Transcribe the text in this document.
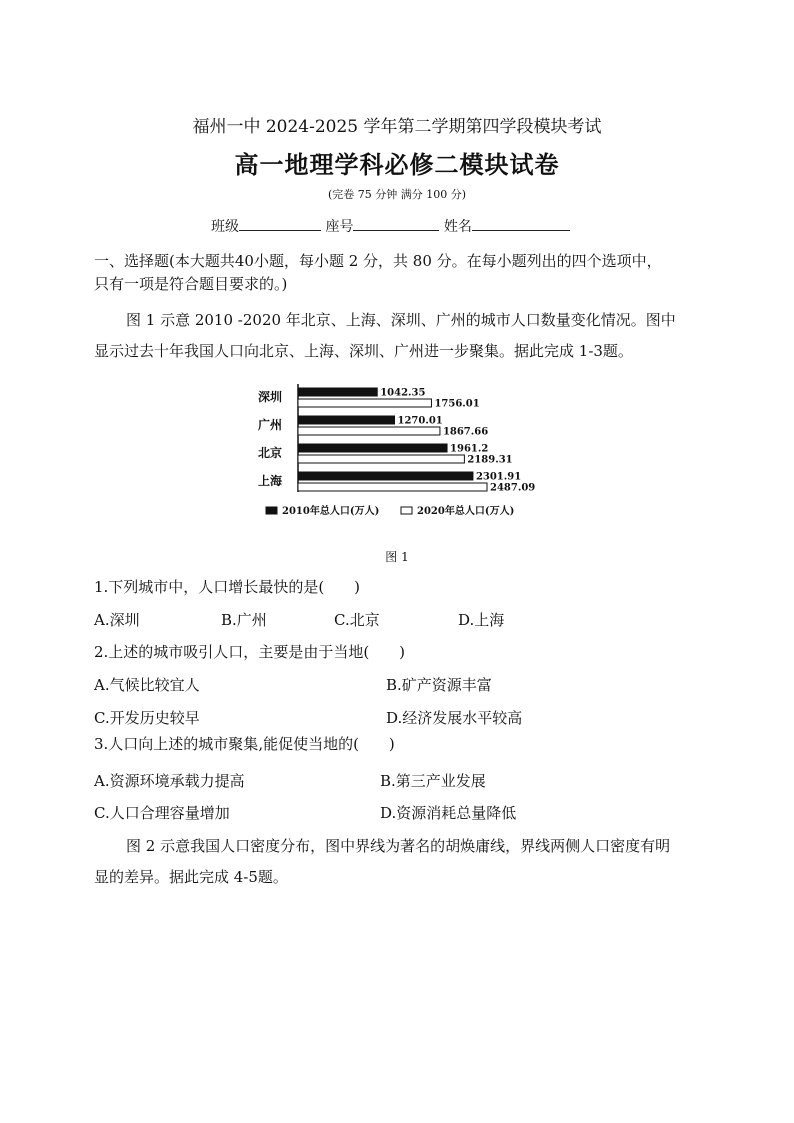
福州一中 2024-2025 学年第二学期第四学段模块考试
高一地理学科必修二模块试卷
(完卷 75 分钟 满分 100 分)
班级	座号	姓名
一、选择题(本大题共40小题，每小题 2 分，共 80 分。在每小题列出的四个选项中，
只有一项是符合题目要求的。)
图 1 示意 2010 -2020 年北京、上海、深圳、广州的城市人口数量变化情况。图中
显示过去十年我国人口向北京、上海、深圳、广州进一步聚集。据此完成 1-3题。
深圳	1042.35
1756.01
广州	1270.01
1867.66
北京	1961.2
2189.31
上海	2301.91
2487.09
2010年总人口(万人)	2020年总人口(万人)
图 1
1.下列城市中，人口增长最快的是(　　)
A.深圳	B.广州	C.北京	D.上海
2.上述的城市吸引人口，主要是由于当地(　　)
A.气候比较宜人	B.矿产资源丰富
C.开发历史较早	D.经济发展水平较高
3.人口向上述的城市聚集,能促使当地的(　　)
A.资源环境承载力提高	B.第三产业发展
C.人口合理容量增加	D.资源消耗总量降低
图 2 示意我国人口密度分布，图中界线为著名的胡焕庸线，界线两侧人口密度有明
显的差异。据此完成 4-5题。
